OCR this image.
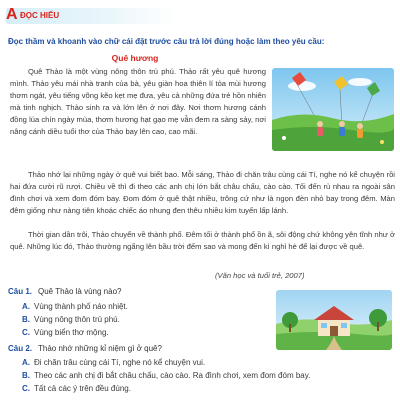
A ĐỌC HIỂU
Đọc thầm và khoanh vào chữ cái đặt trước câu trả lời đúng hoặc làm theo yêu cầu:
Quê hương
Quê Thảo là một vùng nông thôn trù phú. Thảo rất yêu quê hương mình. Thảo yêu mái nhà tranh của bà, yêu giàn hoa thiên lí tỏa mùi hương thơm ngát, yêu tiếng võng kẽo kẹt mẹ đưa, yêu cả những đứa trẻ hồn nhiên mà tinh nghịch. Thảo sinh ra và lớn lên ở nơi đây. Nơi thơm hương cánh đồng lúa chín ngày mùa, thơm hương hạt gạo mẹ vẫn đem ra sàng sảy, nơi nâng cánh diều tuổi thơ của Thảo bay lên cao, cao mãi.
Thảo nhớ lại những ngày ở quê vui biết bao. Mỗi sáng, Thảo đi chăn trâu cùng cái Tí, nghe nó kể chuyện rồi hai đứa cười rũ rượi. Chiều về thì đi theo các anh chị lớn bắt châu chấu, cào cào. Tối đến rủ nhau ra ngoài sân đình chơi và xem đom đóm bay. Đom đóm ở quê thật nhiều, trông cứ như là ngọn đèn nhỏ bay trong đêm. Màn đêm giống như nàng tiên khoác chiếc áo nhung đen thêu nhiều kim tuyến lấp lánh.
Thời gian dần trôi, Thảo chuyển về thành phố. Đêm tối ở thành phố ồn ã, sôi động chứ không yên tĩnh như ở quê. Những lúc đó, Thảo thường ngẩng lên bầu trời đếm sao và mong đến kì nghỉ hè để lại được về quê.
(Văn học và tuổi trẻ, 2007)
Câu 1. Quê Thảo là vùng nào?
A. Vùng thành phố náo nhiệt.
B. Vùng nông thôn trù phú.
C. Vùng biển thơ mộng.
Câu 2. Thảo nhớ những kỉ niệm gì ở quê?
A. Đi chăn trâu cùng cái Tí, nghe nó kể chuyện vui.
B. Theo các anh chị đi bắt châu chấu, cào cào. Ra đình chơi, xem đom đóm bay.
C. Tất cả các ý trên đều đúng.
